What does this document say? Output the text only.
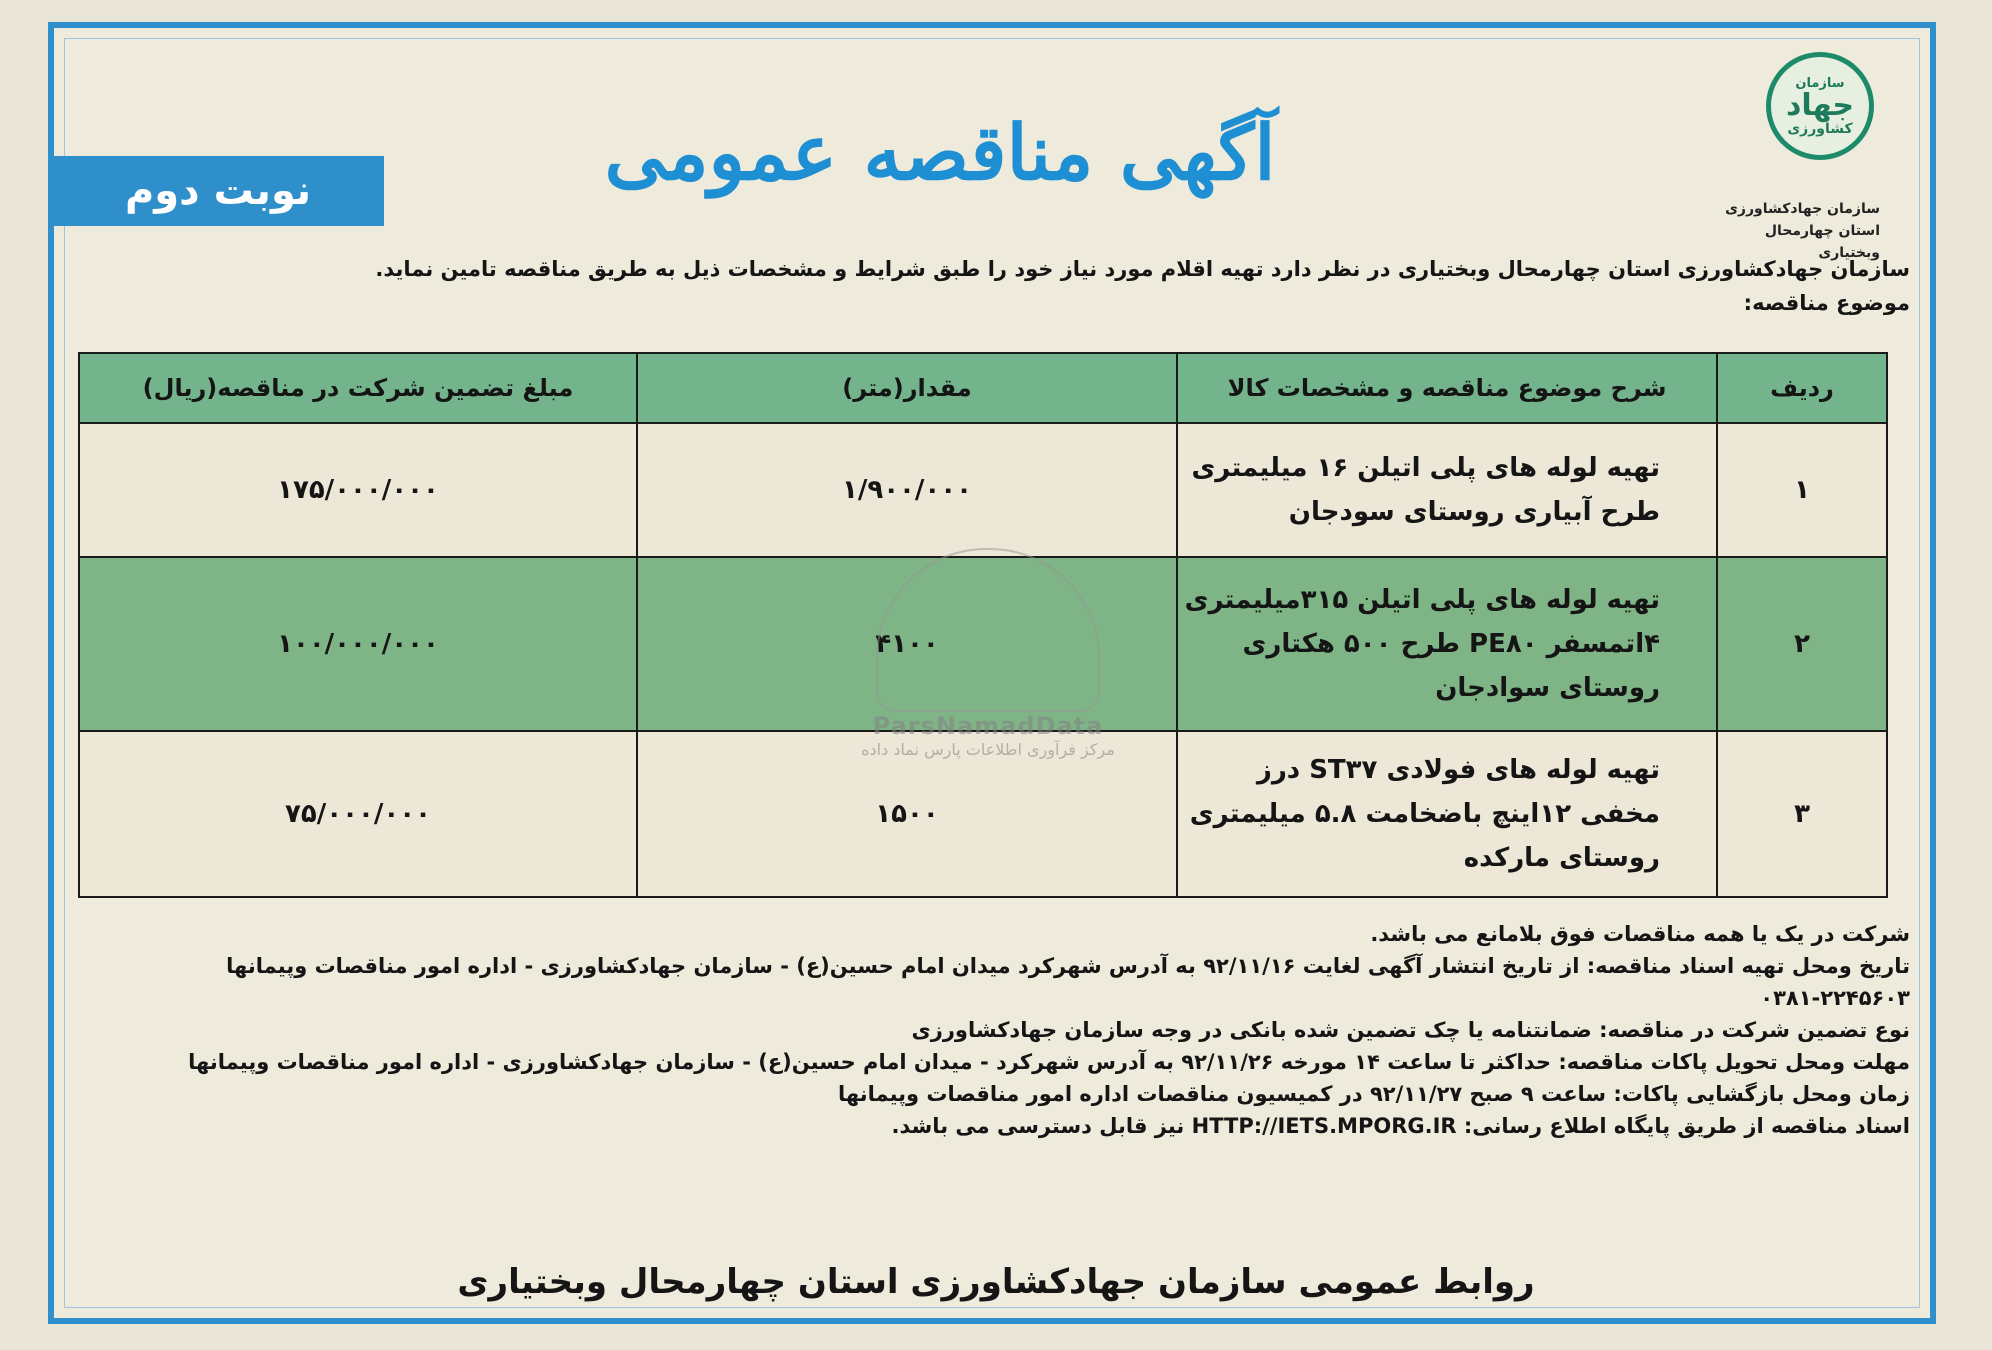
سازمان
جهاد
کشاورزی
سازمان جهادکشاورزی
استان چهارمحال وبختیاری
آگهی مناقصه عمومی
نوبت دوم
سازمان جهادکشاورزی استان چهارمحال وبختیاری در نظر دارد تهیه اقلام مورد نیاز خود را طبق شرایط و مشخصات ذیل به طریق مناقصه تامین نماید.
موضوع مناقصه:
ردیف	شرح موضوع مناقصه و مشخصات کالا	مقدار(متر)	مبلغ تضمین شرکت در مناقصه(ریال)
۱	تهیه لوله های پلی اتیلن ۱۶ میلیمتری
طرح آبیاری روستای سودجان	۱/۹۰۰/۰۰۰	۱۷۵/۰۰۰/۰۰۰
۲	تهیه لوله های پلی اتیلن ۳۱۵میلیمتری
۴اتمسفر PE۸۰ طرح ۵۰۰ هکتاری
روستای سوادجان	۴۱۰۰	۱۰۰/۰۰۰/۰۰۰
۳	تهیه لوله های فولادی ST۳۷ درز
مخفی ۱۲اینچ باضخامت ۵.۸ میلیمتری
روستای مارکده	۱۵۰۰	۷۵/۰۰۰/۰۰۰
ParsNamadData
مرکز فرآوری اطلاعات پارس نماد داده

شرکت در یک یا همه مناقصات فوق بلامانع می باشد.

تاریخ ومحل تهیه اسناد مناقصه: از تاریخ انتشار آگهی لغایت ۹۲/۱۱/۱۶ به آدرس شهرکرد میدان امام حسین(ع) - سازمان جهادکشاورزی - اداره امور مناقصات وپیمانها

۰۳۸۱-۲۲۴۵۶۰۳

نوع تضمین شرکت در مناقصه: ضمانتنامه یا چک تضمین شده بانکی در وجه سازمان جهادکشاورزی

مهلت ومحل تحویل پاکات مناقصه: حداکثر تا ساعت ۱۴ مورخه ۹۲/۱۱/۲۶ به آدرس شهرکرد - میدان امام حسین(ع) - سازمان جهادکشاورزی - اداره امور مناقصات وپیمانها

زمان ومحل بازگشایی پاکات: ساعت ۹ صبح ۹۲/۱۱/۲۷ در کمیسیون مناقصات اداره امور مناقصات وپیمانها

اسناد مناقصه از طریق پایگاه اطلاع رسانی: HTTP://IETS.MPORG.IR نیز قابل دسترسی می باشد.

روابط عمومی سازمان جهادکشاورزی استان چهارمحال وبختیاری
